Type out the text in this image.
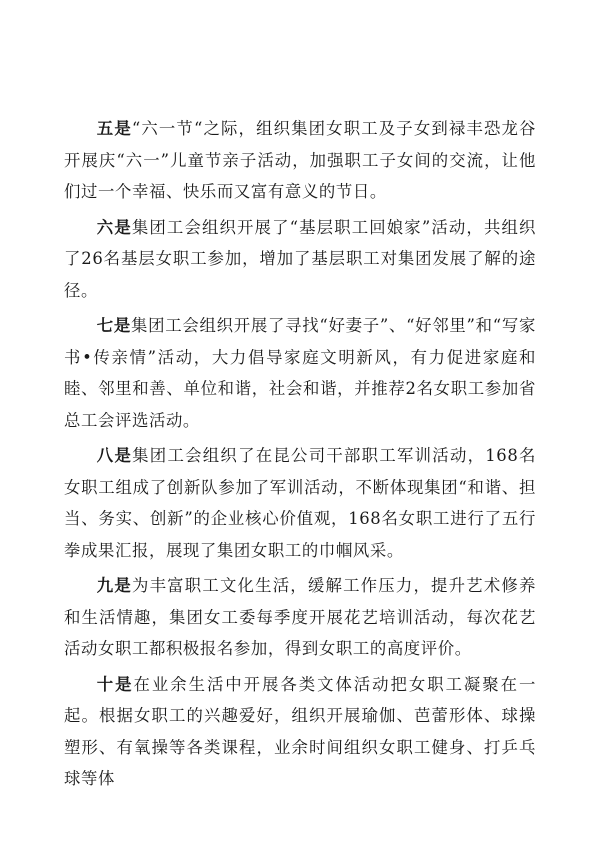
五是“六一节“之际，组织集团女职工及子女到禄丰恐龙谷开展庆“六一”儿童节亲子活动，加强职工子女间的交流，让他们过一个幸福、快乐而又富有意义的节日。

六是集团工会组织开展了“基层职工回娘家”活动，共组织了26名基层女职工参加，增加了基层职工对集团发展了解的途径。

七是集团工会组织开展了寻找“好妻子”、“好邻里”和“写家书•传亲情”活动，大力倡导家庭文明新风，有力促进家庭和睦、邻里和善、单位和谐，社会和谐，并推荐2名女职工参加省总工会评选活动。

八是集团工会组织了在昆公司干部职工军训活动，168名女职工组成了创新队参加了军训活动，不断体现集团“和谐、担当、务实、创新”的企业核心价值观，168名女职工进行了五行拳成果汇报，展现了集团女职工的巾帼风采。

九是为丰富职工文化生活，缓解工作压力，提升艺术修养和生活情趣，集团女工委每季度开展花艺培训活动，每次花艺活动女职工都积极报名参加，得到女职工的高度评价。

十是在业余生活中开展各类文体活动把女职工凝聚在一起。根据女职工的兴趣爱好，组织开展瑜伽、芭蕾形体、球操塑形、有氧操等各类课程，业余时间组织女职工健身、打乒乓球等体
